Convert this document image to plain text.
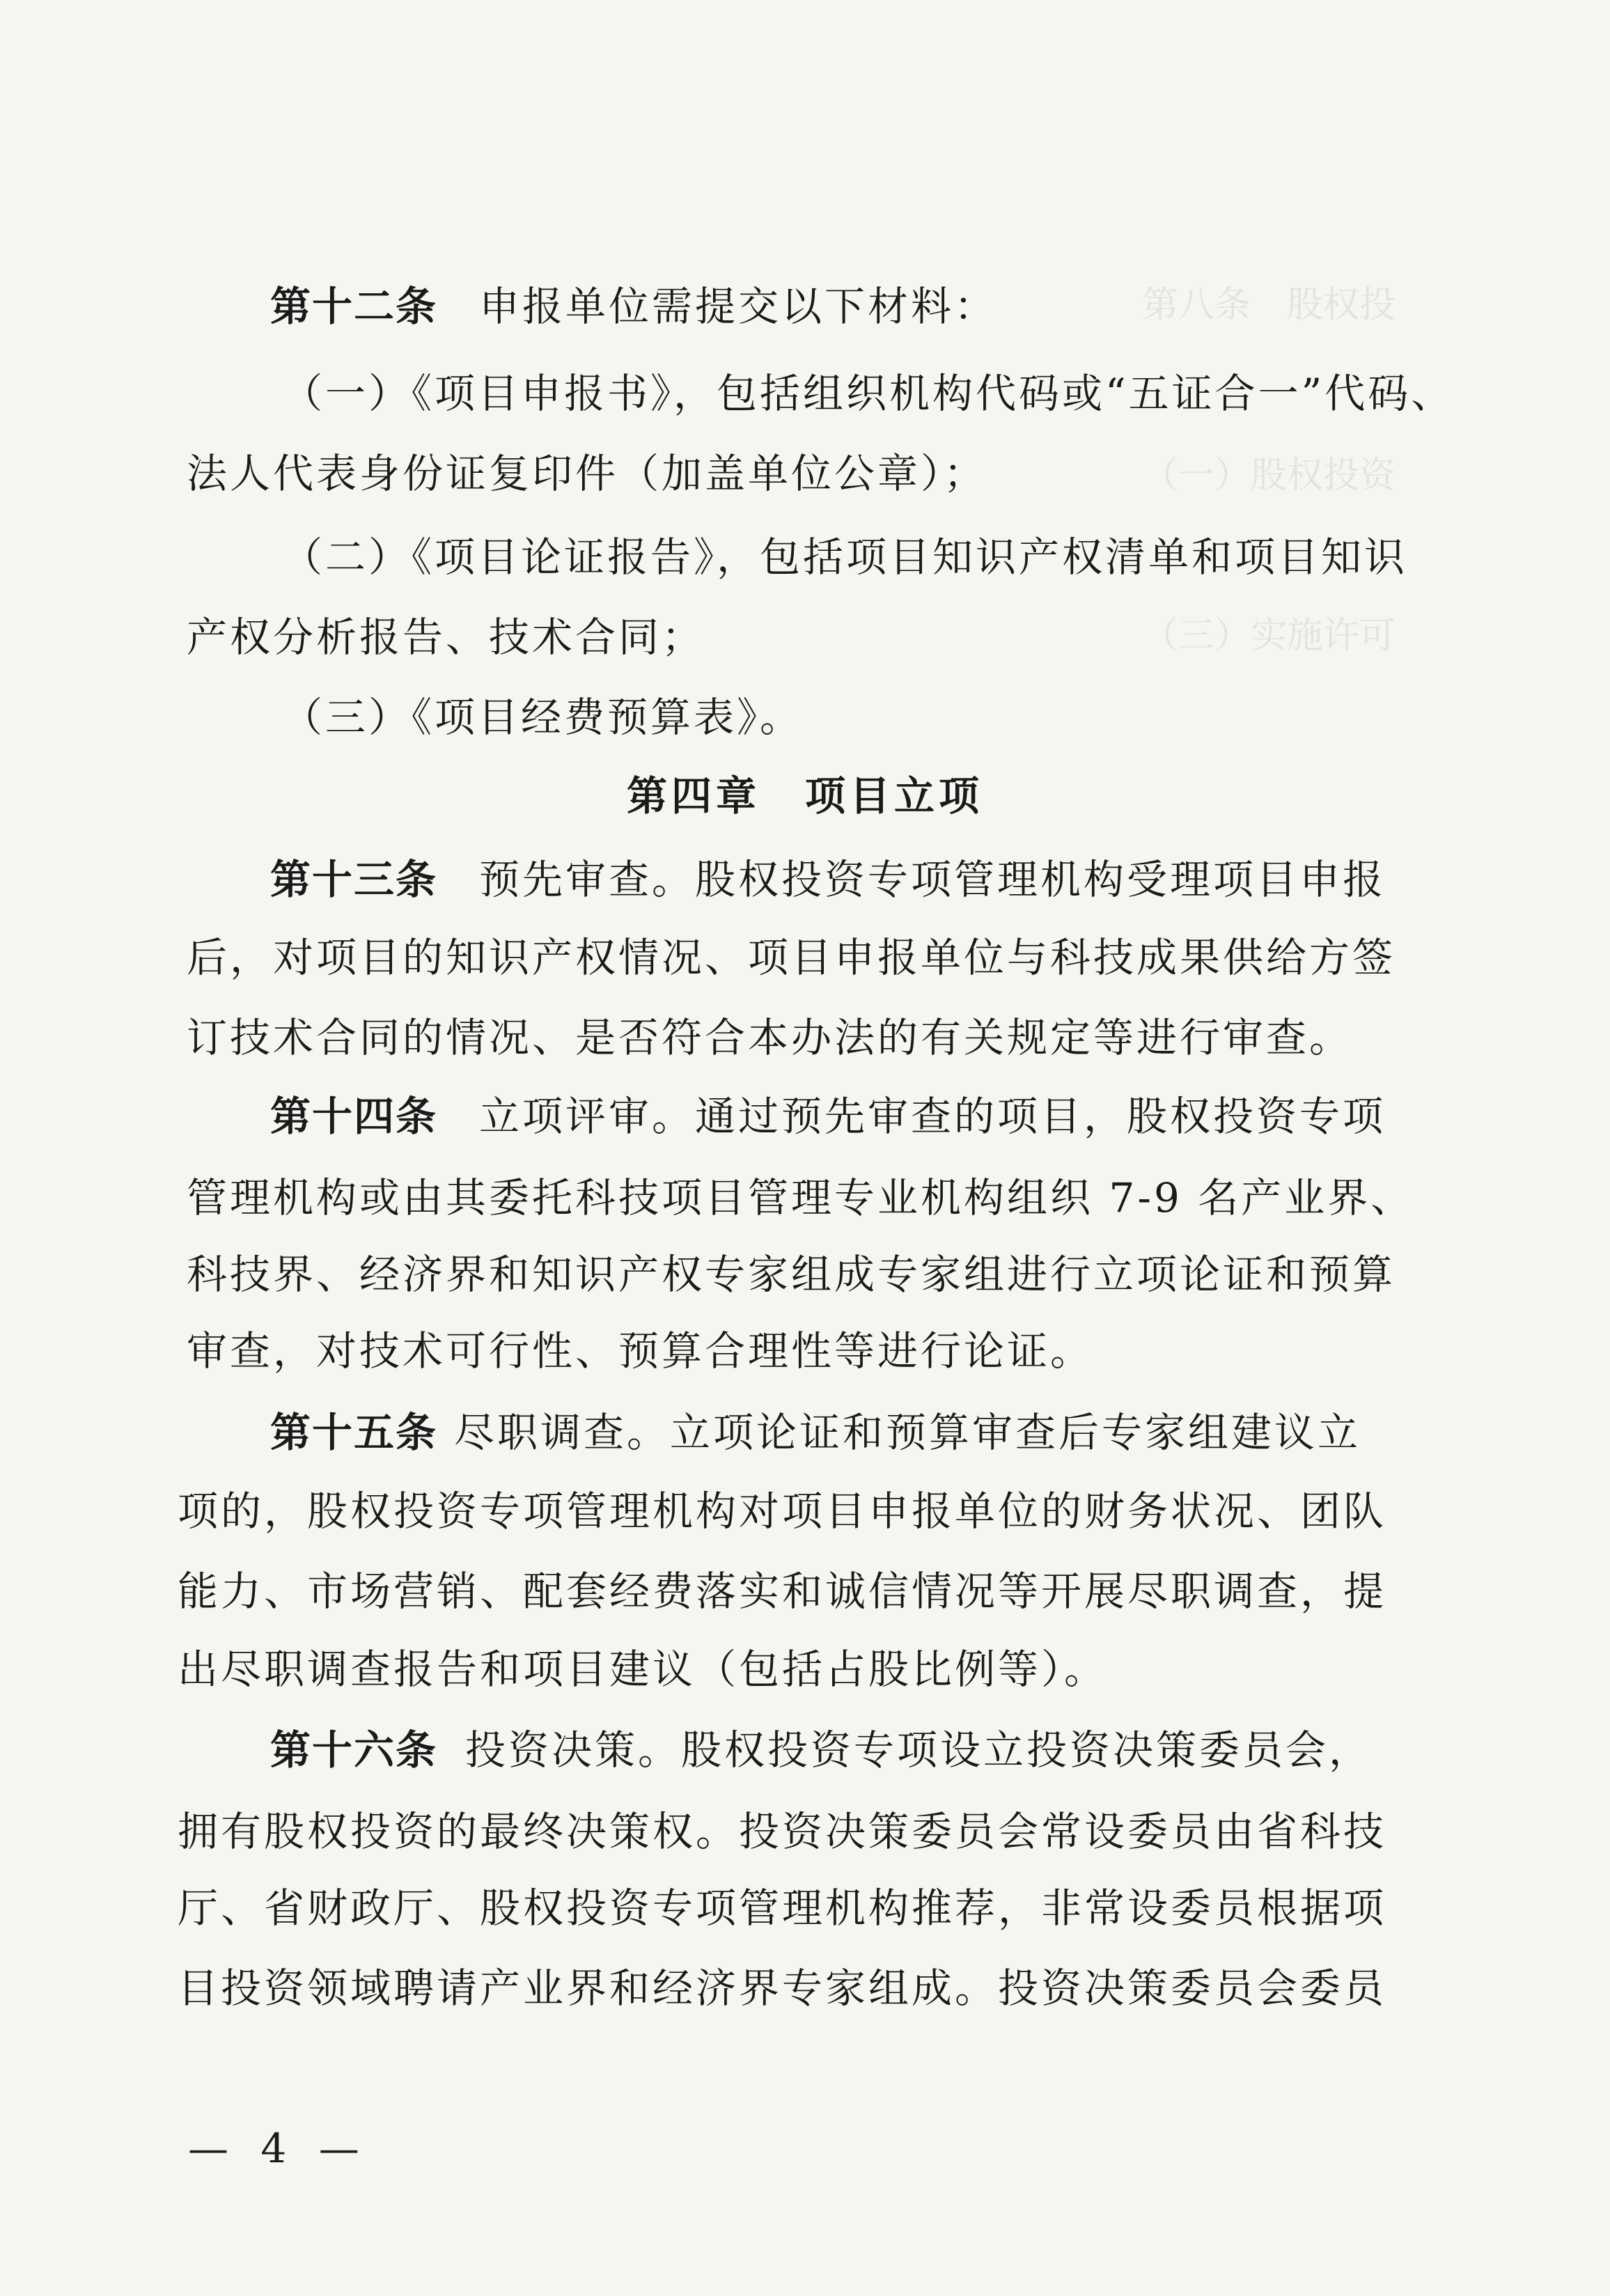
第八条　股权投
（一）股权投资
（三）实施许可
第十二条 申报单位需提交以下材料：
（一）《项目申报书》，包括组织机构代码或“五证合一”代码、
法人代表身份证复印件（加盖单位公章）；
（二）《项目论证报告》，包括项目知识产权清单和项目知识
产权分析报告、技术合同；
（三）《项目经费预算表》。
第四章　项目立项
第十三条 预先审查。股权投资专项管理机构受理项目申报
后，对项目的知识产权情况、项目申报单位与科技成果供给方签
订技术合同的情况、是否符合本办法的有关规定等进行审查。
第十四条 立项评审。通过预先审查的项目，股权投资专项
管理机构或由其委托科技项目管理专业机构组织 7-9 名产业界、
科技界、经济界和知识产权专家组成专家组进行立项论证和预算
审查，对技术可行性、预算合理性等进行论证。
第十五条 尽职调查。立项论证和预算审查后专家组建议立
项的，股权投资专项管理机构对项目申报单位的财务状况、团队
能力、市场营销、配套经费落实和诚信情况等开展尽职调查，提
出尽职调查报告和项目建议（包括占股比例等）。
第十六条 投资决策。股权投资专项设立投资决策委员会，
拥有股权投资的最终决策权。投资决策委员会常设委员由省科技
厅、省财政厅、股权投资专项管理机构推荐，非常设委员根据项
目投资领域聘请产业界和经济界专家组成。投资决策委员会委员
— 4 —
